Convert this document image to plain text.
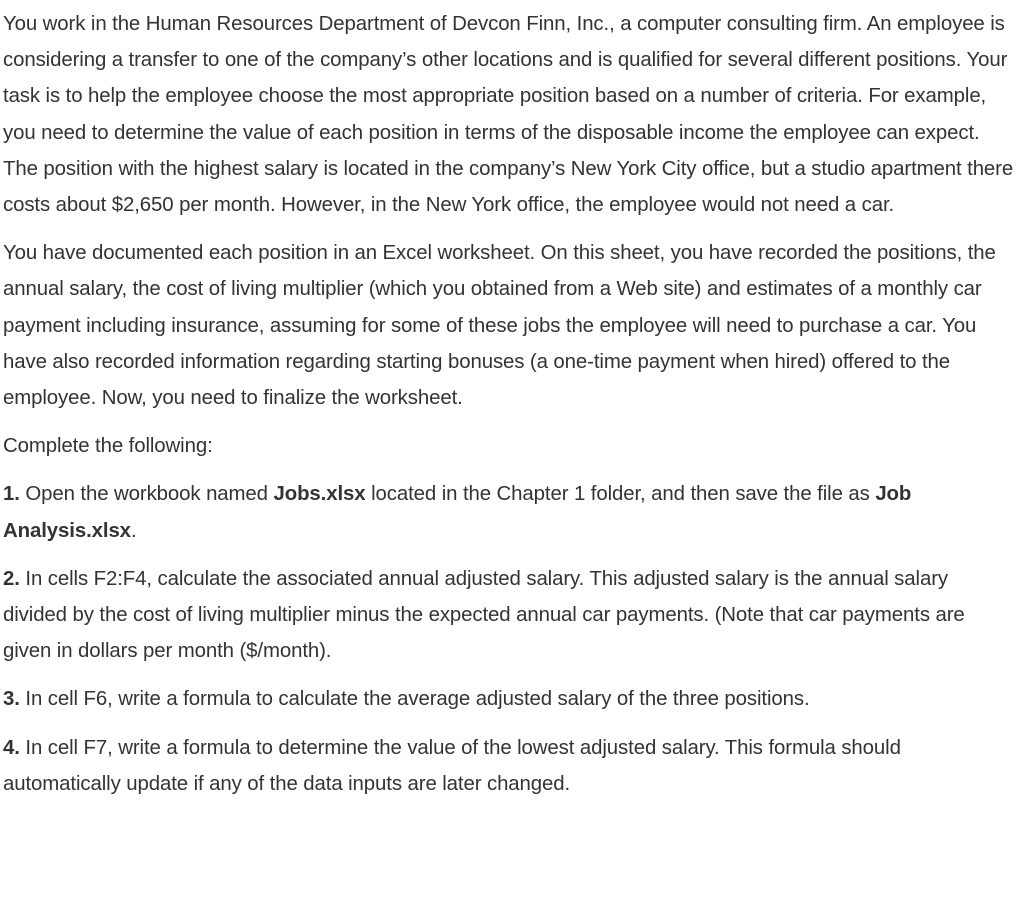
You work in the Human Resources Department of Devcon Finn, Inc., a computer consulting firm. An employee is considering a transfer to one of the company’s other locations and is qualified for several different positions. Your task is to help the employee choose the most appropriate position based on a number of criteria. For example, you need to determine the value of each position in terms of the disposable income the employee can expect. The position with the highest salary is located in the company’s New York City office, but a studio apartment there costs about $2,650 per month. However, in the New York office, the employee would not need a car.

You have documented each position in an Excel worksheet. On this sheet, you have recorded the positions, the annual salary, the cost of living multiplier (which you obtained from a Web site) and estimates of a monthly car payment including insurance, assuming for some of these jobs the employee will need to purchase a car. You have also recorded information regarding starting bonuses (a one-time payment when hired) offered to the employee. Now, you need to finalize the worksheet.

Complete the following:

1. Open the workbook named Jobs.xlsx located in the Chapter 1 folder, and then save the file as Job Analysis.xlsx.

2. In cells F2:F4, calculate the associated annual adjusted salary. This adjusted salary is the annual salary divided by the cost of living multiplier minus the expected annual car payments. (Note that car payments are given in dollars per month ($/month).

3. In cell F6, write a formula to calculate the average adjusted salary of the three positions.

4. In cell F7, write a formula to determine the value of the lowest adjusted salary. This formula should automatically update if any of the data inputs are later changed.
